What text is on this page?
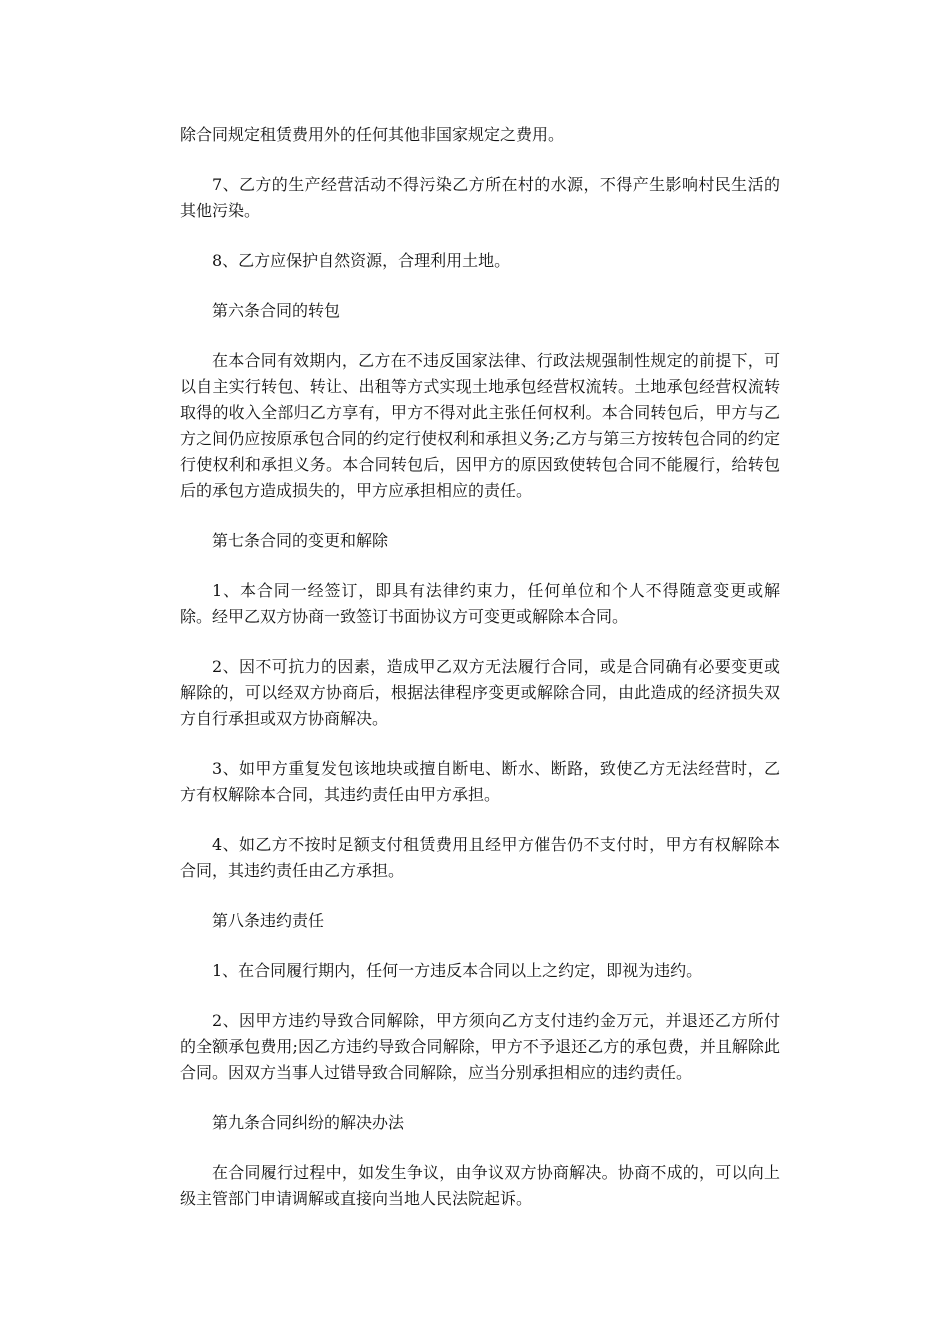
除合同规定租赁费用外的任何其他非国家规定之费用。

7、乙方的生产经营活动不得污染乙方所在村的水源，不得产生影响村民生活的其他污染。

8、乙方应保护自然资源，合理利用土地。

第六条合同的转包

在本合同有效期内，乙方在不违反国家法律、行政法规强制性规定的前提下，可以自主实行转包、转让、出租等方式实现土地承包经营权流转。土地承包经营权流转取得的收入全部归乙方享有，甲方不得对此主张任何权利。本合同转包后，甲方与乙方之间仍应按原承包合同的约定行使权利和承担义务;乙方与第三方按转包合同的约定行使权利和承担义务。本合同转包后，因甲方的原因致使转包合同不能履行，给转包后的承包方造成损失的，甲方应承担相应的责任。

第七条合同的变更和解除

1、本合同一经签订，即具有法律约束力，任何单位和个人不得随意变更或解除。经甲乙双方协商一致签订书面协议方可变更或解除本合同。

2、因不可抗力的因素，造成甲乙双方无法履行合同，或是合同确有必要变更或解除的，可以经双方协商后，根据法律程序变更或解除合同，由此造成的经济损失双方自行承担或双方协商解决。

3、如甲方重复发包该地块或擅自断电、断水、断路，致使乙方无法经营时，乙方有权解除本合同，其违约责任由甲方承担。

4、如乙方不按时足额支付租赁费用且经甲方催告仍不支付时，甲方有权解除本合同，其违约责任由乙方承担。

第八条违约责任

1、在合同履行期内，任何一方违反本合同以上之约定，即视为违约。

2、因甲方违约导致合同解除，甲方须向乙方支付违约金万元，并退还乙方所付的全额承包费用;因乙方违约导致合同解除，甲方不予退还乙方的承包费，并且解除此合同。因双方当事人过错导致合同解除，应当分别承担相应的违约责任。

第九条合同纠纷的解决办法

在合同履行过程中，如发生争议，由争议双方协商解决。协商不成的，可以向上级主管部门申请调解或直接向当地人民法院起诉。
